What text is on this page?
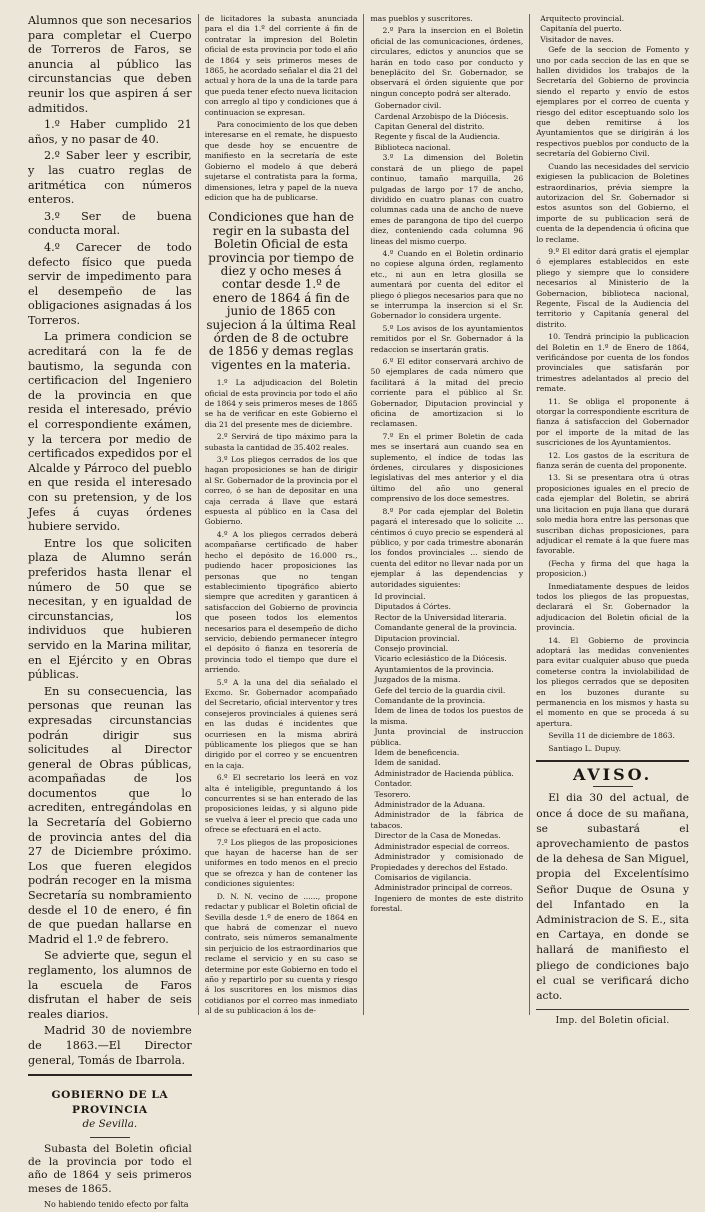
Alumnos que son necesarios para completar el Cuerpo de Torreros de Faros, se anuncia al público las circunstancias que deben reunir los que aspiren á ser admitidos.

1.º Haber cumplido 21 años, y no pasar de 40.

2.º Saber leer y escribir, y las cuatro reglas de aritmética con números enteros.

3.º Ser de buena conducta moral.

4.º Carecer de todo defecto físico que pueda servir de impedimento para el desempeño de las obligaciones asignadas á los Torreros.

La primera condicion se acreditará con la fe de bautismo, la segunda con certificacion del Ingeniero de la provincia en que resida el interesado, prévio el correspondiente exámen, y la tercera por medio de certificados expedidos por el Alcalde y Párroco del pueblo en que resida el interesado con su pretension, y de los Jefes á cuyas órdenes hubiere servido.

Entre los que soliciten plaza de Alumno serán preferidos hasta llenar el número de 50 que se necesitan, y en igualdad de circunstancias, los individuos que hubieren servido en la Marina militar, en el Ejército y en Obras públicas.

En su consecuencia, las personas que reunan las expresadas circunstancias podrán dirigir sus solicitudes al Director general de Obras públicas, acompañadas de los documentos que lo acrediten, entregándolas en la Secretaría del Gobierno de provincia antes del dia 27 de Diciembre próximo. Los que fueren elegidos podrán recoger en la misma Secretaría su nombramiento desde el 10 de enero, é fin de que puedan hallarse en Madrid el 1.º de febrero.

Se advierte que, segun el reglamento, los alumnos de la escuela de Faros disfrutan el haber de seis reales diarios.

Madrid 30 de noviembre de 1863.—El Director general, Tomás de Ibarrola.

GOBIERNO DE LA PROVINCIA
de Sevilla.

Subasta del Boletin oficial de la provincia por todo el año de 1864 y seis primeros meses de 1865.

No habiendo tenido efecto por falta

de licitadores la subasta anunciada para el dia 1.º del corriente á fin de contratar la impresion del Boletin oficial de esta provincia por todo el año de 1864 y seis primeros meses de 1865, he acordado señalar el dia 21 del actual y hora de la una de la tarde para que pueda tener efecto nueva licitacion con arreglo al tipo y condiciones que á continuacion se expresan.

Para conocimiento de los que deben interesarse en el remate, he dispuesto que desde hoy se encuentre de manifiesto en la secretaría de este Gobierno el modelo á que deberá sujetarse el contratista para la forma, dimensiones, letra y papel de la nueva edicion que ha de publicarse.

Condiciones que han de regir en la subasta del Boletin Oficial de esta provincia por tiempo de diez y ocho meses á contar desde 1.º de enero de 1864 á fin de junio de 1865 con sujecion á la última Real órden de 8 de octubre de 1856 y demas reglas vigentes en la materia.

1.º La adjudicacion del Boletin oficial de esta provincia por todo el año de 1864 y seis primeros meses de 1865 se ha de verificar en este Gobierno el dia 21 del presente mes de diciembre.

2.º Servirá de tipo máximo para la subasta la cantidad de 35.402 reales.

3.º Los pliegos cerrados de los que hagan proposiciones se han de dirigir al Sr. Gobernador de la provincia por el correo, ó se han de depositar en una caja cerrada á llave que estará espuesta al público en la Casa del Gobierno.

4.º A los pliegos cerrados deberá acompañarse certificado de haber hecho el depósito de 16.000 rs., pudiendo hacer proposiciones las personas que no tengan establecimiento tipográfico abierto siempre que acrediten y garanticen á satisfaccion del Gobierno de provincia que poseen todos los elementos necesarios para el desempeño de dicho servicio, debiendo permanecer íntegro el depósito ó fianza en tesorería de provincia todo el tiempo que dure el arriendo.

5.º A la una del dia señalado el Excmo. Sr. Gobernador acompañado del Secretario, oficial interventor y tres consejeros provinciales á quienes será en las dudas é incidentes que ocurriesen en la misma abrirá públicamente los pliegos que se han dirigido por el correo y se encuentren en la caja.

6.º El secretario los leerá en voz alta é inteligible, preguntando á los concurrentes si se han enterado de las proposiciones leidas, y si alguno pide se vuelva á leer el precio que cada uno ofrece se efectuará en el acto.

7.º Los pliegos de las proposiciones que hayan de hacerse han de ser uniformes en todo menos en el precio que se ofrezca y han de contener las condiciones siguientes:

D. N. N. vecino de ......, propone redactar y publicar el Boletin oficial de Sevilla desde 1.º de enero de 1864 en que habrá de comenzar el nuevo contrato, seis números semanalmente sin perjuicio de los estraordinarios que reclame el servicio y en su caso se determine por este Gobierno en todo el año y repartirlo por su cuenta y riesgo á los suscritores en los mismos dias cotidianos por el correo mas inmediato al de su publicacion á los de-

mas pueblos y suscritores.

2.º Para la insercion en el Boletin oficial de las comunicaciones, órdenes, circulares, edictos y anuncios que se harán en todo caso por conducto y beneplácito del Sr. Gobernador, se observará el órden siguiente que por ningun concepto podrá ser alterado.

Gobernador civil.

Cardenal Arzobispo de la Diócesis.

Capitan General del distrito.

Regente y fiscal de la Audiencia.

Biblioteca nacional.

3.º La dimension del Boletin constará de un pliego de papel continuo, tamaño marquilla, 26 pulgadas de largo por 17 de ancho, dividido en cuatro planas con cuatro columnas cada una de ancho de nueve emes de parangona de tipo del cuerpo diez, conteniendo cada columna 96 lineas del mismo cuerpo.

4.º Cuando en el Boletin ordinario no copiese alguna órden, reglamento etc., ni aun en letra glosilla se aumentará por cuenta del editor el pliego ó pliegos necesarios para que no se interrumpa la insercion si el Sr. Gobernador lo considera urgente.

5.º Los avisos de los ayuntamientos remitidos por el Sr. Gobernador á la redaccion se insertarán gratis.

6.º El editor conservará archivo de 50 ejemplares de cada número que facilitará á la mitad del precio corriente para el público al Sr. Gobernador, Diputacion provincial y oficina de amortizacion si lo reclamasen.

7.º En el primer Boletin de cada mes se insertará aun cuando sea en suplemento, el índice de todas las órdenes, circulares y disposiciones legislativas del mes anterior y el dia último del año uno general comprensivo de los doce semestres.

8.º Por cada ejemplar del Boletin pagará el interesado que lo solicite ... céntimos ó cuyo precio se espenderá al público, y por cada trimestre abonarán los fondos provinciales ... siendo de cuenta del editor no llevar nada por un ejemplar á las dependencias y autoridades siguientes:

Id provincial.

Diputados á Córtes.

Rector de la Universidad literaria.

Comandante general de la provincia.

Diputacion provincial.

Consejo provincial.

Vicario eclesiástico de la Diócesis.

Ayuntamientos de la provincia.

Juzgados de la misma.

Gefe del tercio de la guardia civil.

Comandante de la provincia.

Idem de linea de todos los puestos de la misma.

Junta provincial de instruccion pública.

Idem de beneficencia.

Idem de sanidad.

Administrador de Hacienda pública.

Contador.

Tesorero.

Administrador de la Aduana.

Administrador de la fábrica de tabacos.

Director de la Casa de Monedas.

Administrador especial de correos.

Administrador y comisionado de Propiedades y derechos del Estado.

Comisarios de vigilancia.

Administrador principal de correos.

Ingeniero de montes de este distrito forestal.

Arquitecto provincial.

Capitanía del puerto.

Visitador de naves.

Gefe de la seccion de Fomento y uno por cada seccion de las en que se hallen divididos los trabajos de la Secretaría del Gobierno de provincia siendo el reparto y envío de estos ejemplares por el correo de cuenta y riesgo del editor esceptuando solo los que deben remitirse á los Ayuntamientos que se dirigirán á los respectivos pueblos por conducto de la secretaría del Gobierno Civil.

Cuando las necesidades del servicio exigiesen la publicacion de Boletines estraordinarios, prévia siempre la autorizacion del Sr. Gobernador si estos asuntos son del Gobierno, el importe de su publicacion será de cuenta de la dependencia ú oficina que lo reclame.

9.º El editor dará gratis el ejemplar ó ejemplares establecidos en este pliego y siempre que lo considere necesarios al Ministerio de la Gobernacion, biblioteca nacional, Regente, Fiscal de la Audiencia del territorio y Capitanía general del distrito.

10. Tendrá principio la publicacion del Boletin en 1.º de Enero de 1864, verificándose por cuenta de los fondos provinciales que satisfarán por trimestres adelantados al precio del remate.

11. Se obliga el proponente á otorgar la correspondiente escritura de fianza á satisfaccion del Gobernador por el importe de la mitad de las suscriciones de los Ayuntamientos.

12. Los gastos de la escritura de fianza serán de cuenta del proponente.

13. Si se presentara otra ú otras proposiciones iguales en el precio de cada ejemplar del Boletin, se abrirá una licitacion en puja llana que durará solo media hora entre las personas que suscriban dichas proposiciones, para adjudicar el remate á la que fuere mas favorable.

(Fecha y firma del que haga la proposicion.)

Inmediatamente despues de leidos todos los pliegos de las propuestas, declarará el Sr. Gobernador la adjudicacion del Boletin oficial de la provincia.

14. El Gobierno de provincia adoptará las medidas convenientes para evitar cualquier abuso que pueda cometerse contra la inviolabilidad de los pliegos cerrados que se depositen en los buzones durante su permanencia en los mismos y hasta su el momento en que se proceda á su apertura.

Sevilla 11 de diciembre de 1863.

Santiago L. Dupuy.

AVISO.

El dia 30 del actual, de once á doce de su mañana, se subastará el aprovechamiento de pastos de la dehesa de San Miguel, propia del Excelentísimo Señor Duque de Osuna y del Infantado en la Administracion de S. E., sita en Cartaya, en donde se hallará de manifiesto el pliego de condiciones bajo el cual se verificará dicho acto.

Imp. del Boletin oficial.
